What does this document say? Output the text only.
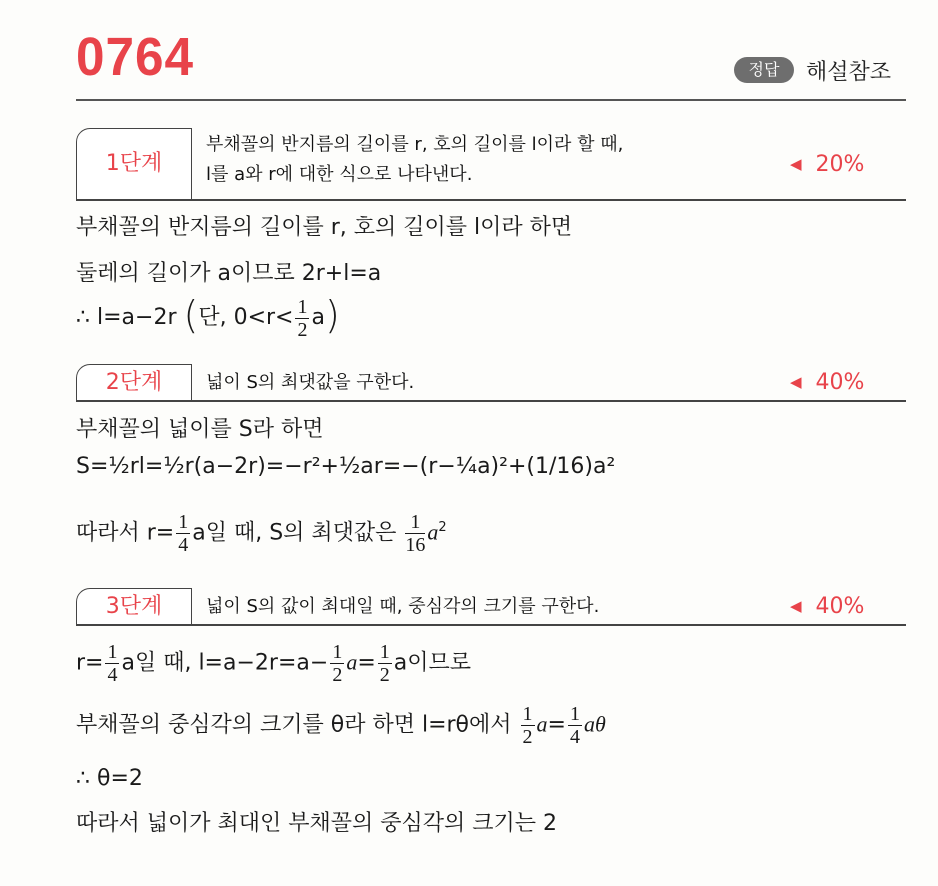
0764	정답	해설참조
1단계
부채꼴의 반지름의 길이를 r, 호의 길이를 l이라 할 때,
l를 a와 r에 대한 식으로 나타낸다.	◀ 20%
부채꼴의 반지름의 길이를 r, 호의 길이를 l이라 하면
둘레의 길이가 a이므로 2r+l=a
∴ l=a−2r (단, $0<r< \frac{1}{2} a$)
2단계	넓이 S의 최댓값을 구한다.	◀ 40%
부채꼴의 넓이를 S라 하면
S=½rl=½r(a−2r)=−r²+½ar=−(r−¼a)²+(1/16)a²
따라서 $r= \frac{1}{4}$ a일 때, S의 최댓값은 $\frac{1}{16} a^2$
3단계	넓이 S의 값이 최대일 때, 중심각의 크기를 구한다.	◀ 40%
$r= \frac{1}{4}$ a일 때, $l=a-2r=a- \frac{1}{2} a= \frac{1}{2}$ a이므로
부채꼴의 중심각의 크기를 θ라 하면 l=rθ에서 $\frac{1}{2} a= \frac{1}{4}$ aθ
∴ θ=2
따라서 넓이가 최대인 부채꼴의 중심각의 크기는 2
